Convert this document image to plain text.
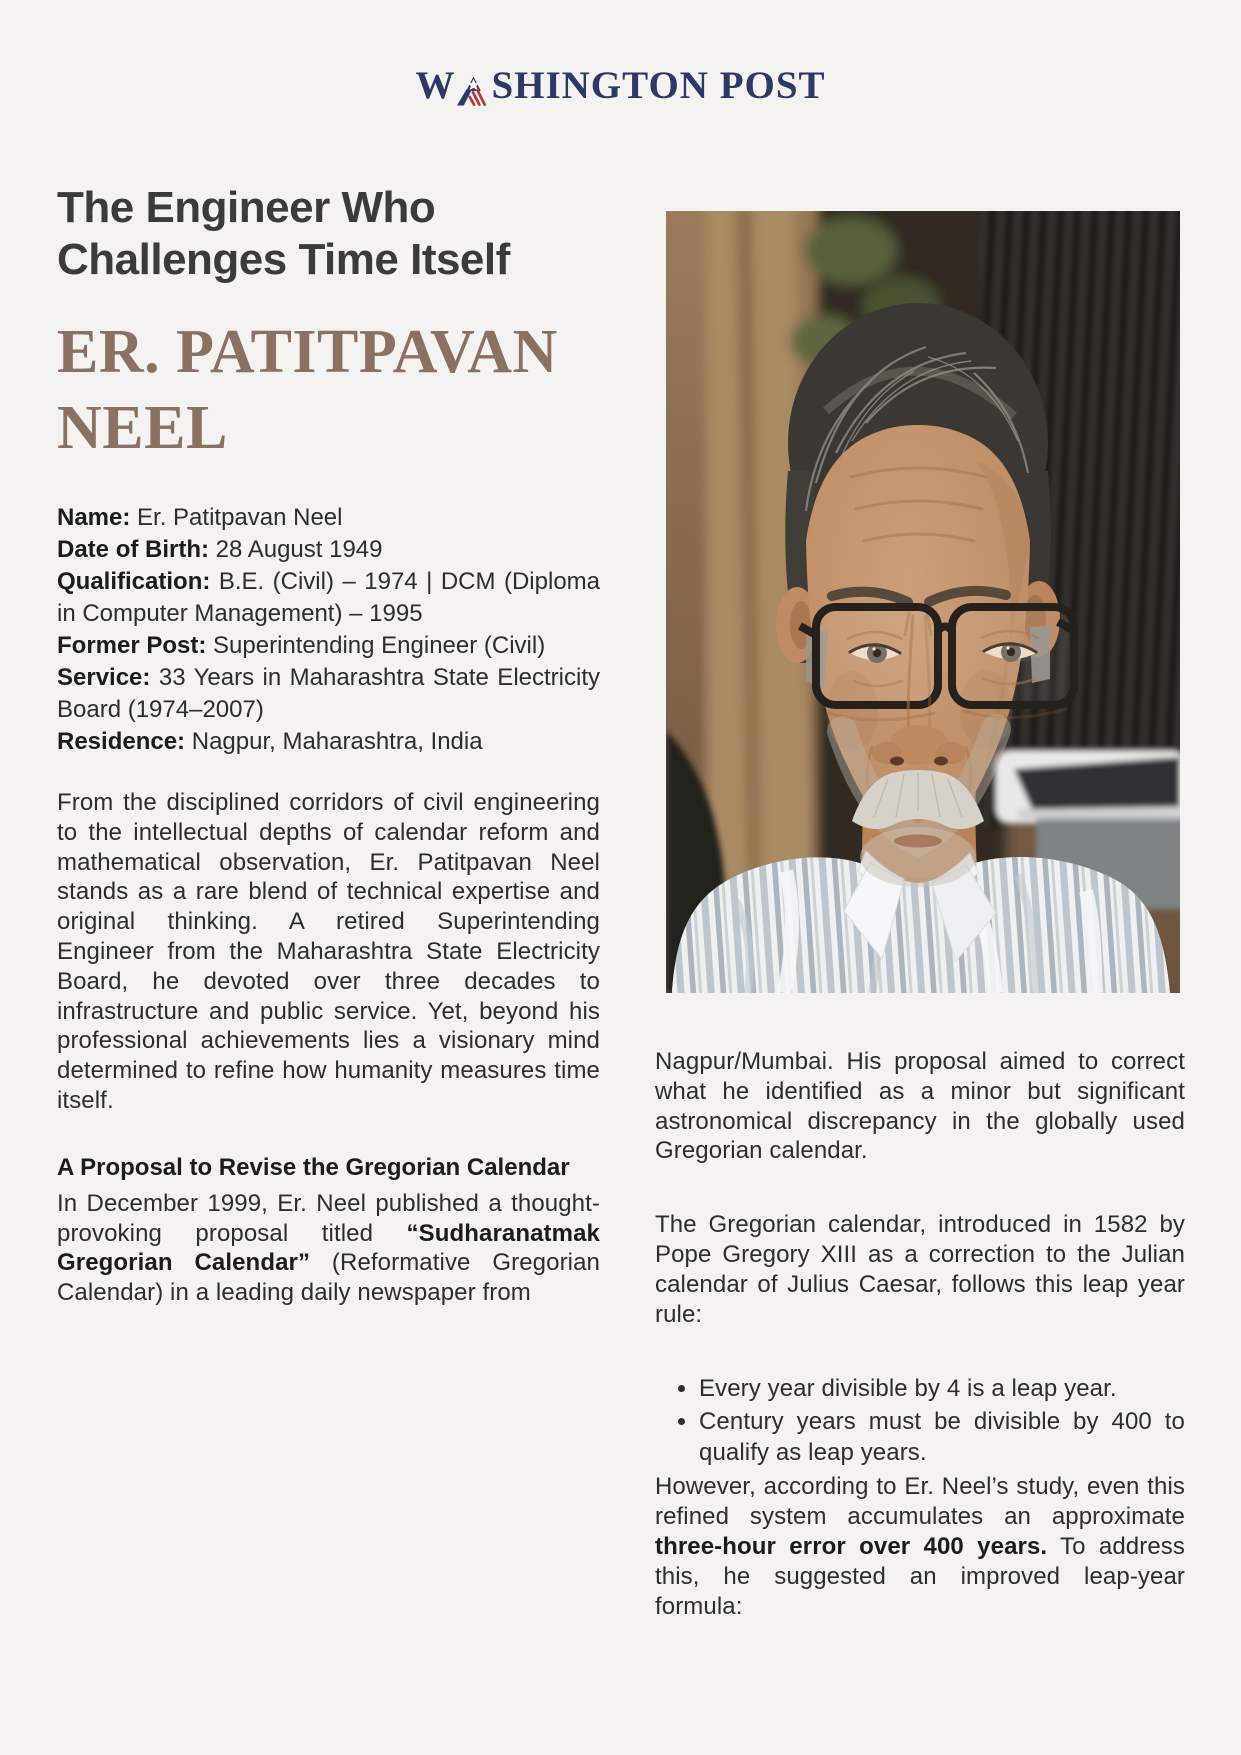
W SHINGTON POST
The Engineer Who Challenges Time Itself
ER. PATITPAVAN NEEL

Name: Er. Patitpavan Neel

Date of Birth: 28 August 1949

Qualification: B.E. (Civil) – 1974 | DCM (Diploma in Computer Management) – 1995

Former Post: Superintending Engineer (Civil)

Service: 33 Years in Maharashtra State Electricity Board (1974–2007)

Residence: Nagpur, Maharashtra, India

From the disciplined corridors of civil engineering to the intellectual depths of calendar reform and mathematical observation, Er. Patitpavan Neel stands as a rare blend of technical expertise and original thinking. A retired Superintending Engineer from the Maharashtra State Electricity Board, he devoted over three decades to infrastructure and public service. Yet, beyond his professional achievements lies a visionary mind determined to refine how humanity measures time itself.

A Proposal to Revise the Gregorian Calendar

In December 1999, Er. Neel published a thought-provoking proposal titled “Sudharanatmak Gregorian Calendar” (Reformative Gregorian Calendar) in a leading daily newspaper from

Nagpur/Mumbai. His proposal aimed to correct what he identified as a minor but significant astronomical discrepancy in the globally used Gregorian calendar.

The Gregorian calendar, introduced in 1582 by Pope Gregory XIII as a correction to the Julian calendar of Julius Caesar, follows this leap year rule:

• Every year divisible by 4 is a leap year.
• Century years must be divisible by 400 to qualify as leap years.

However, according to Er. Neel’s study, even this refined system accumulates an approximate three-hour error over 400 years. To address this, he suggested an improved leap-year formula:
